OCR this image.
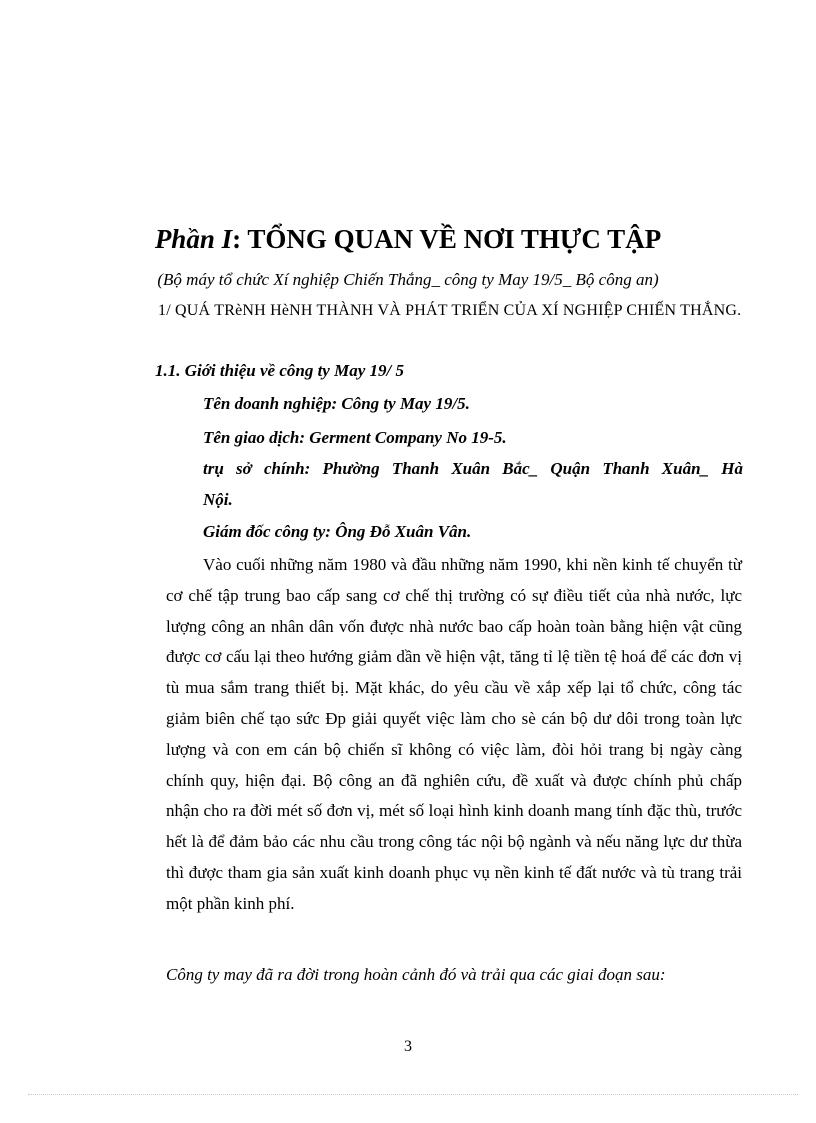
Phần I: TỔNG QUAN VỀ NƠI THỰC TẬP
(Bộ máy tổ chức Xí nghiệp Chiến Thắng_ công ty May 19/5_ Bộ công an)
1/ QUÁ TRèNH HèNH THÀNH VÀ PHÁT TRIỂN CỦA XÍ NGHIỆP CHIẾN THẮNG.
1.1. Giới thiệu về công ty May 19/ 5
Tên doanh nghiệp: Công ty May 19/5.
Tên giao dịch: Germent Company No 19-5.
trụ sở chính: Phường Thanh Xuân Bắc_ Quận Thanh Xuân_ Hà
Nội.
Giám đốc công ty: Ông Đỗ Xuân Vân.
Vào cuối những năm 1980 và đầu những năm 1990, khi nền kinh tế chuyển từ cơ chế tập trung bao cấp sang cơ chế thị trường có sự điều tiết của nhà nước, lực lượng công an nhân dân vốn được nhà nước bao cấp hoàn toàn bằng hiện vật cũng được cơ cấu lại theo hướng giảm dần về hiện vật, tăng tỉ lệ tiền tệ hoá để các đơn vị tù mua sắm trang thiết bị. Mặt khác, do yêu cầu về xắp xếp lại tổ chức, công tác giảm biên chế tạo sức Ðp giải quyết việc làm cho sè cán bộ dư dôi trong toàn lực lượng và con em cán bộ chiến sĩ không có việc làm, đòi hỏi trang bị ngày càng chính quy, hiện đại. Bộ công an đã nghiên cứu, đề xuất và được chính phủ chấp nhận cho ra đời mét số đơn vị, mét số loại hình kinh doanh mang tính đặc thù, trước hết là để đảm bảo các nhu cầu trong công tác nội bộ ngành và nếu năng lực dư thừa thì được tham gia sản xuất kinh doanh phục vụ nền kinh tế đất nước và tù trang trải một phần kinh phí.
Công ty may đã ra đời trong hoàn cảnh đó và trải qua các giai đoạn sau:
3
